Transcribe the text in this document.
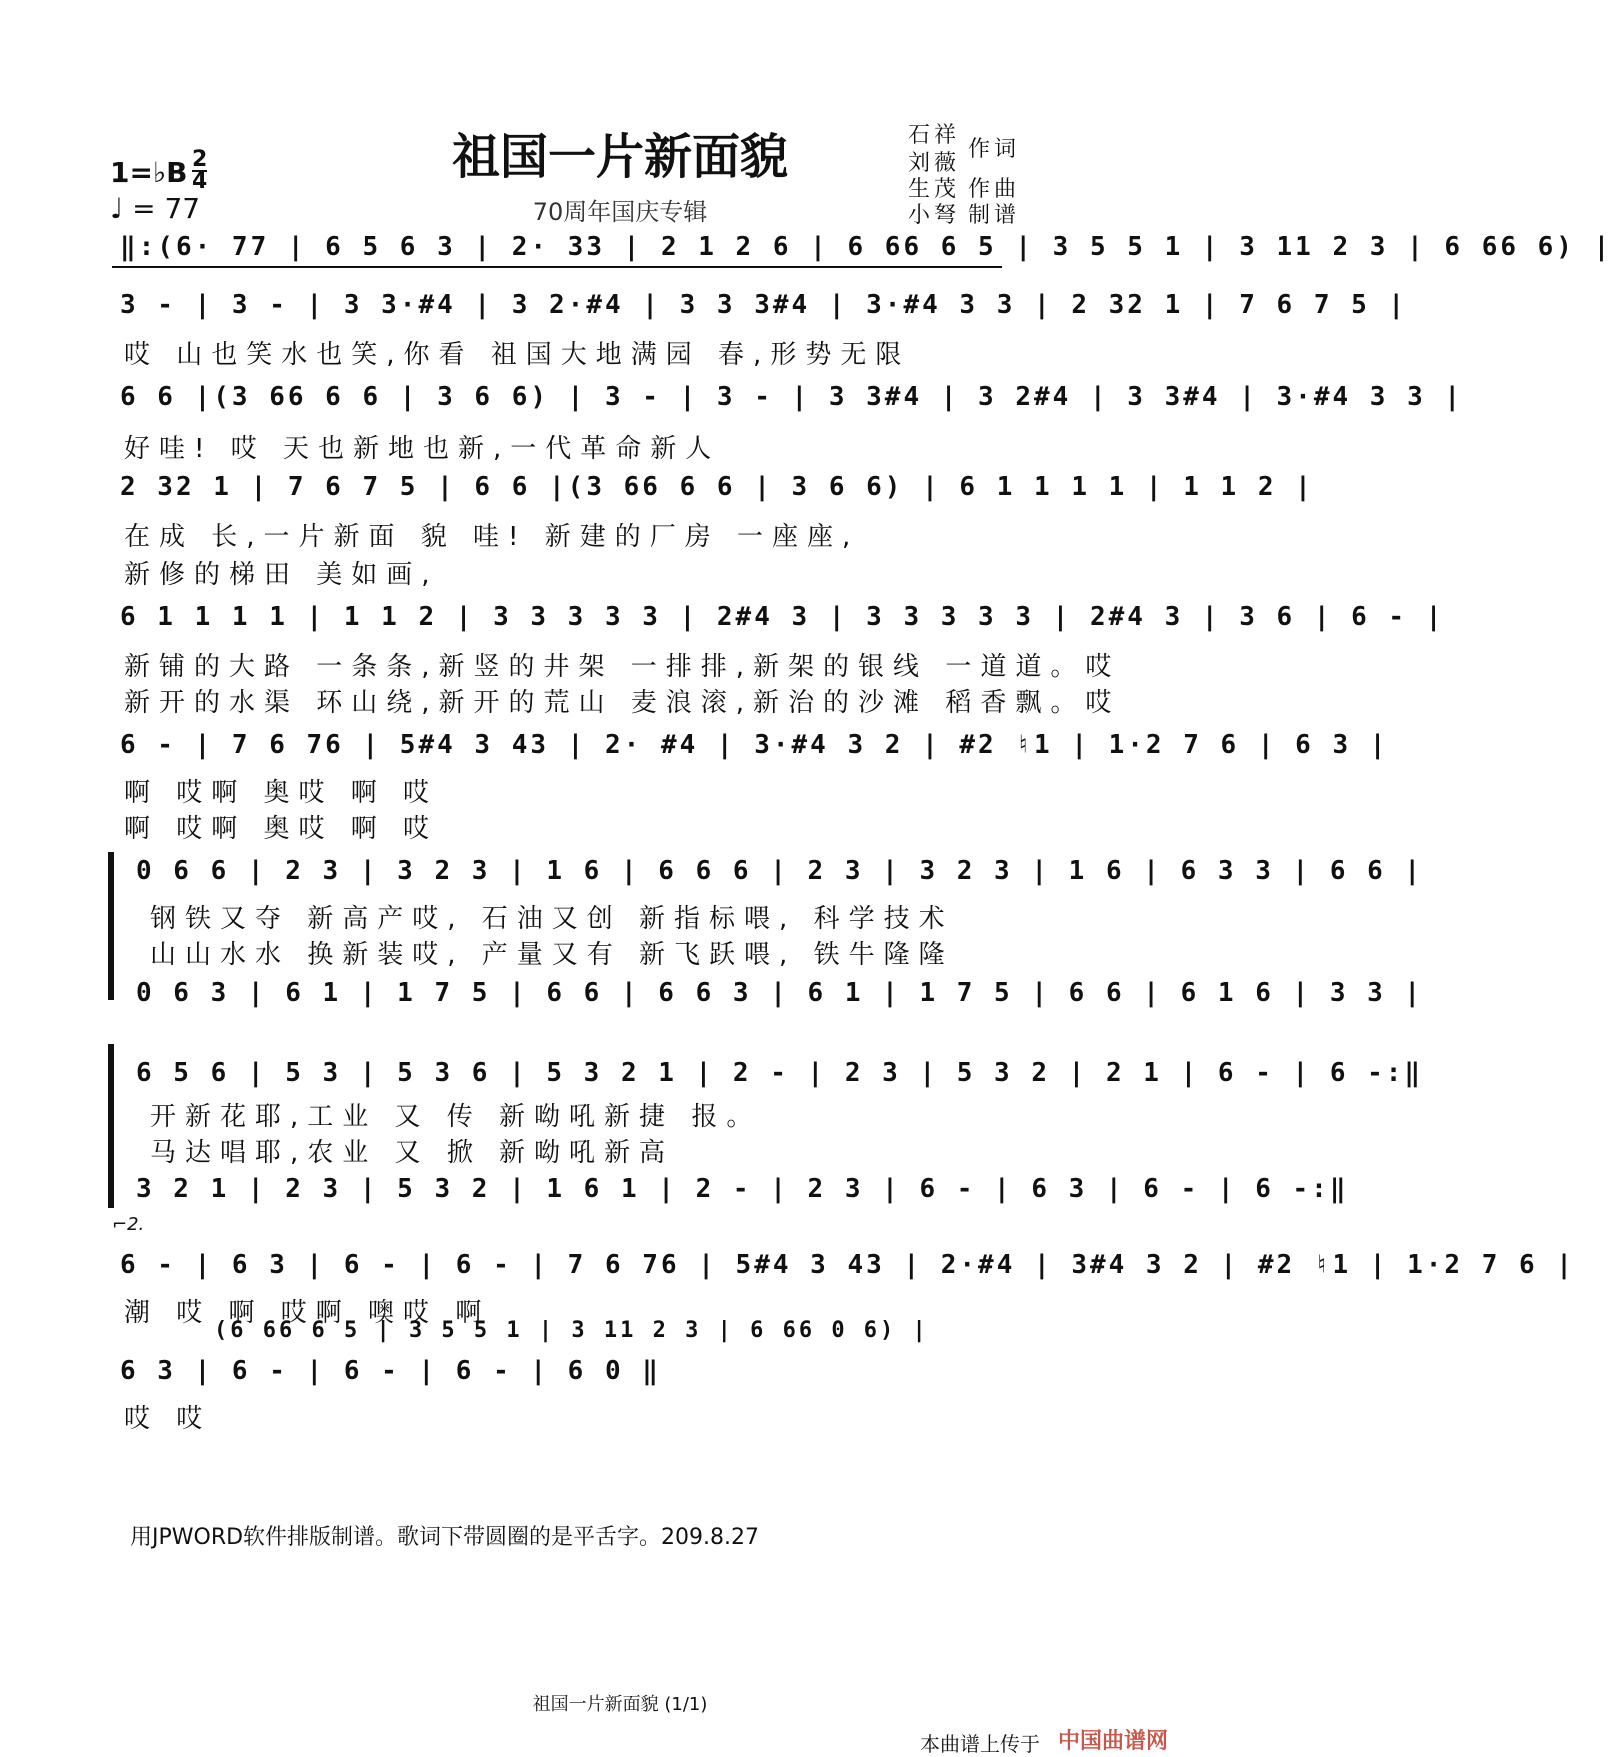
祖国一片新面貌
70周年国庆专辑
石祥
刘薇
作词
生茂 作曲
小弩 制谱
1=♭B $\frac{2}{4}$
♩ = 77
‖:(6· 77 | 6 5 6 3 | 2· 33 | 2 1 2 6 | 6 66 6 5 | 3 5 5 1 | 3 11 2 3 | 6 66 6) |
3 - | 3 - | 3 3·#4 | 3 2·#4 | 3 3 3#4 | 3·#4 3 3 | 2 32 1 | 7 6 7 5 |
哎 山也笑水也笑,你看 祖国大地满园 春,形势无限
6 6 |(3 66 6 6 | 3 6 6) | 3 - | 3 - | 3 3#4 | 3 2#4 | 3 3#4 | 3·#4 3 3 |
好哇! 哎 天也新地也新,一代革命新人
2 32 1 | 7 6 7 5 | 6 6 |(3 66 6 6 | 3 6 6) | 6 1 1 1 1 | 1 1 2 |
在成 长,一片新面 貌 哇! 新建的厂房 一座座,
新修的梯田 美如画,
6 1 1 1 1 | 1 1 2 | 3 3 3 3 3 | 2#4 3 | 3 3 3 3 3 | 2#4 3 | 3 6 | 6 - |
新铺的大路 一条条,新竖的井架 一排排,新架的银线 一道道。哎
新开的水渠 环山绕,新开的荒山 麦浪滚,新治的沙滩 稻香飘。哎
6 - | 7 6 76 | 5#4 3 43 | 2· #4 | 3·#4 3 2 | #2 ♮1 | 1·2 7 6 | 6 3 |
啊 哎啊 奥哎 啊 哎
啊 哎啊 奥哎 啊 哎
0 6 6 | 2 3 | 3 2 3 | 1 6 | 6 6 6 | 2 3 | 3 2 3 | 1 6 | 6 3 3 | 6 6 |
钢铁又夺 新高产哎, 石油又创 新指标喂, 科学技术
山山水水 换新装哎, 产量又有 新飞跃喂, 铁牛隆隆
0 6 3 | 6 1 | 1 7 5 | 6 6 | 6 6 3 | 6 1 | 1 7 5 | 6 6 | 6 1 6 | 3 3 |
6 5 6 | 5 3 | 5 3 6 | 5 3 2 1 | 2 - | 2 3 | 5 3 2 | 2 1 | 6 - | 6 -:‖
开新花耶,工业 又 传 新呦吼新捷 报。
马达唱耶,农业 又 掀 新呦吼新高
3 2 1 | 2 3 | 5 3 2 | 1 6 1 | 2 - | 2 3 | 6 - | 6 3 | 6 - | 6 -:‖
⌐2.
6 - | 6 3 | 6 - | 6 - | 7 6 76 | 5#4 3 43 | 2·#4 | 3#4 3 2 | #2 ♮1 | 1·2 7 6 |
潮 哎 啊 哎啊 噢哎 啊
(6 66 6 5 | 3 5 5 1 | 3 11 2 3 | 6 66 0 6) |
6 3 | 6 - | 6 - | 6 - | 6 0 ‖
哎 哎
用JPWORD软件排版制谱。歌词下带圆圈的是平舌字。209.8.27
祖国一片新面貌 (1/1)
本曲谱上传于 中国曲谱网
